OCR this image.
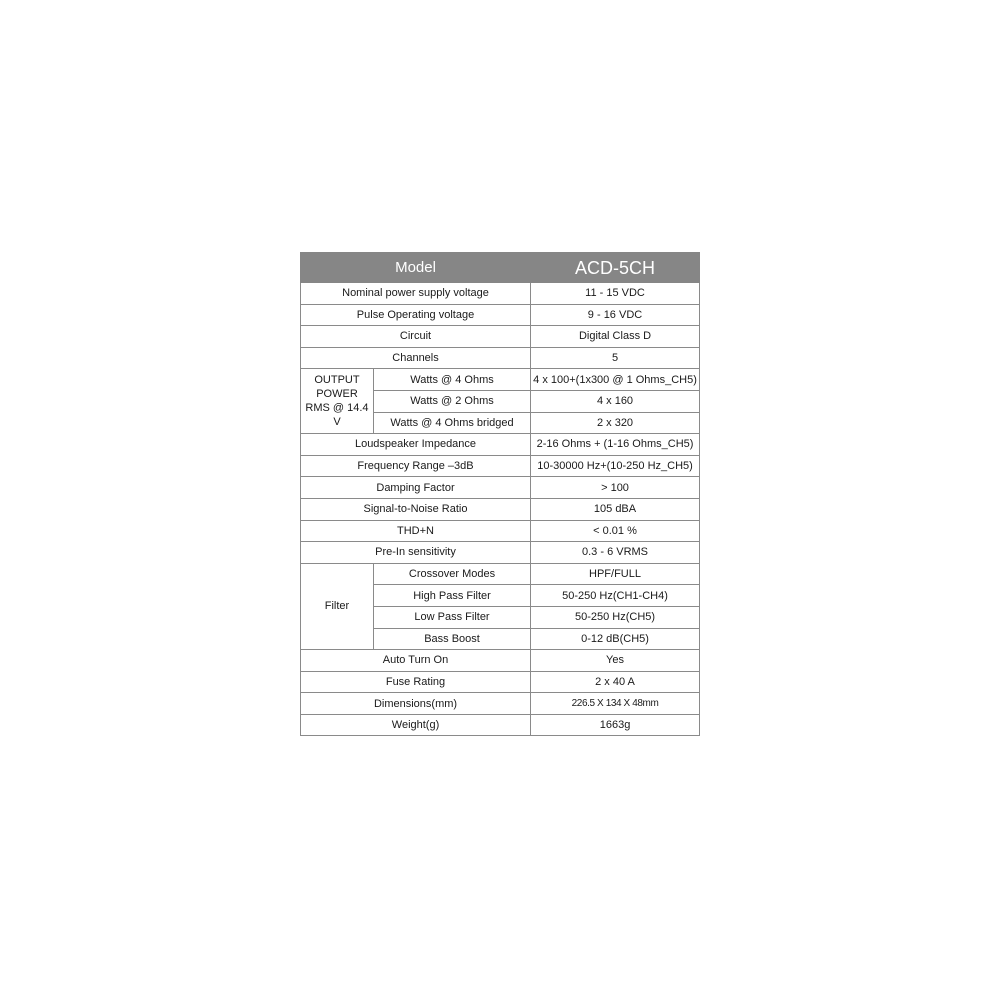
Model		ACD-5CH
Nominal power supply voltage		11 - 15 VDC
Pulse Operating voltage		9 - 16 VDC
Circuit		Digital Class D
Channels		5
OUTPUT POWER RMS @ 14.4 V	Watts @ 4 Ohms	4 x 100+(1x300 @ 1 Ohms_CH5)
	Watts @ 2 Ohms	4 x 160
	Watts @ 4 Ohms bridged	2 x 320
Loudspeaker Impedance		2-16 Ohms + (1-16 Ohms_CH5)
Frequency Range –3dB		10-30000 Hz+(10-250 Hz_CH5)
Damping Factor		> 100
Signal-to-Noise Ratio		105 dBA
THD+N		< 0.01 %
Pre-In sensitivity		0.3 - 6 VRMS
Filter	Crossover Modes	HPF/FULL
	High Pass Filter	50-250 Hz(CH1-CH4)
	Low Pass Filter	50-250 Hz(CH5)
	Bass Boost	0-12 dB(CH5)
Auto Turn On		Yes
Fuse Rating		2 x 40 A
Dimensions(mm)		226.5 X 134 X 48mm
Weight(g)		1663g
